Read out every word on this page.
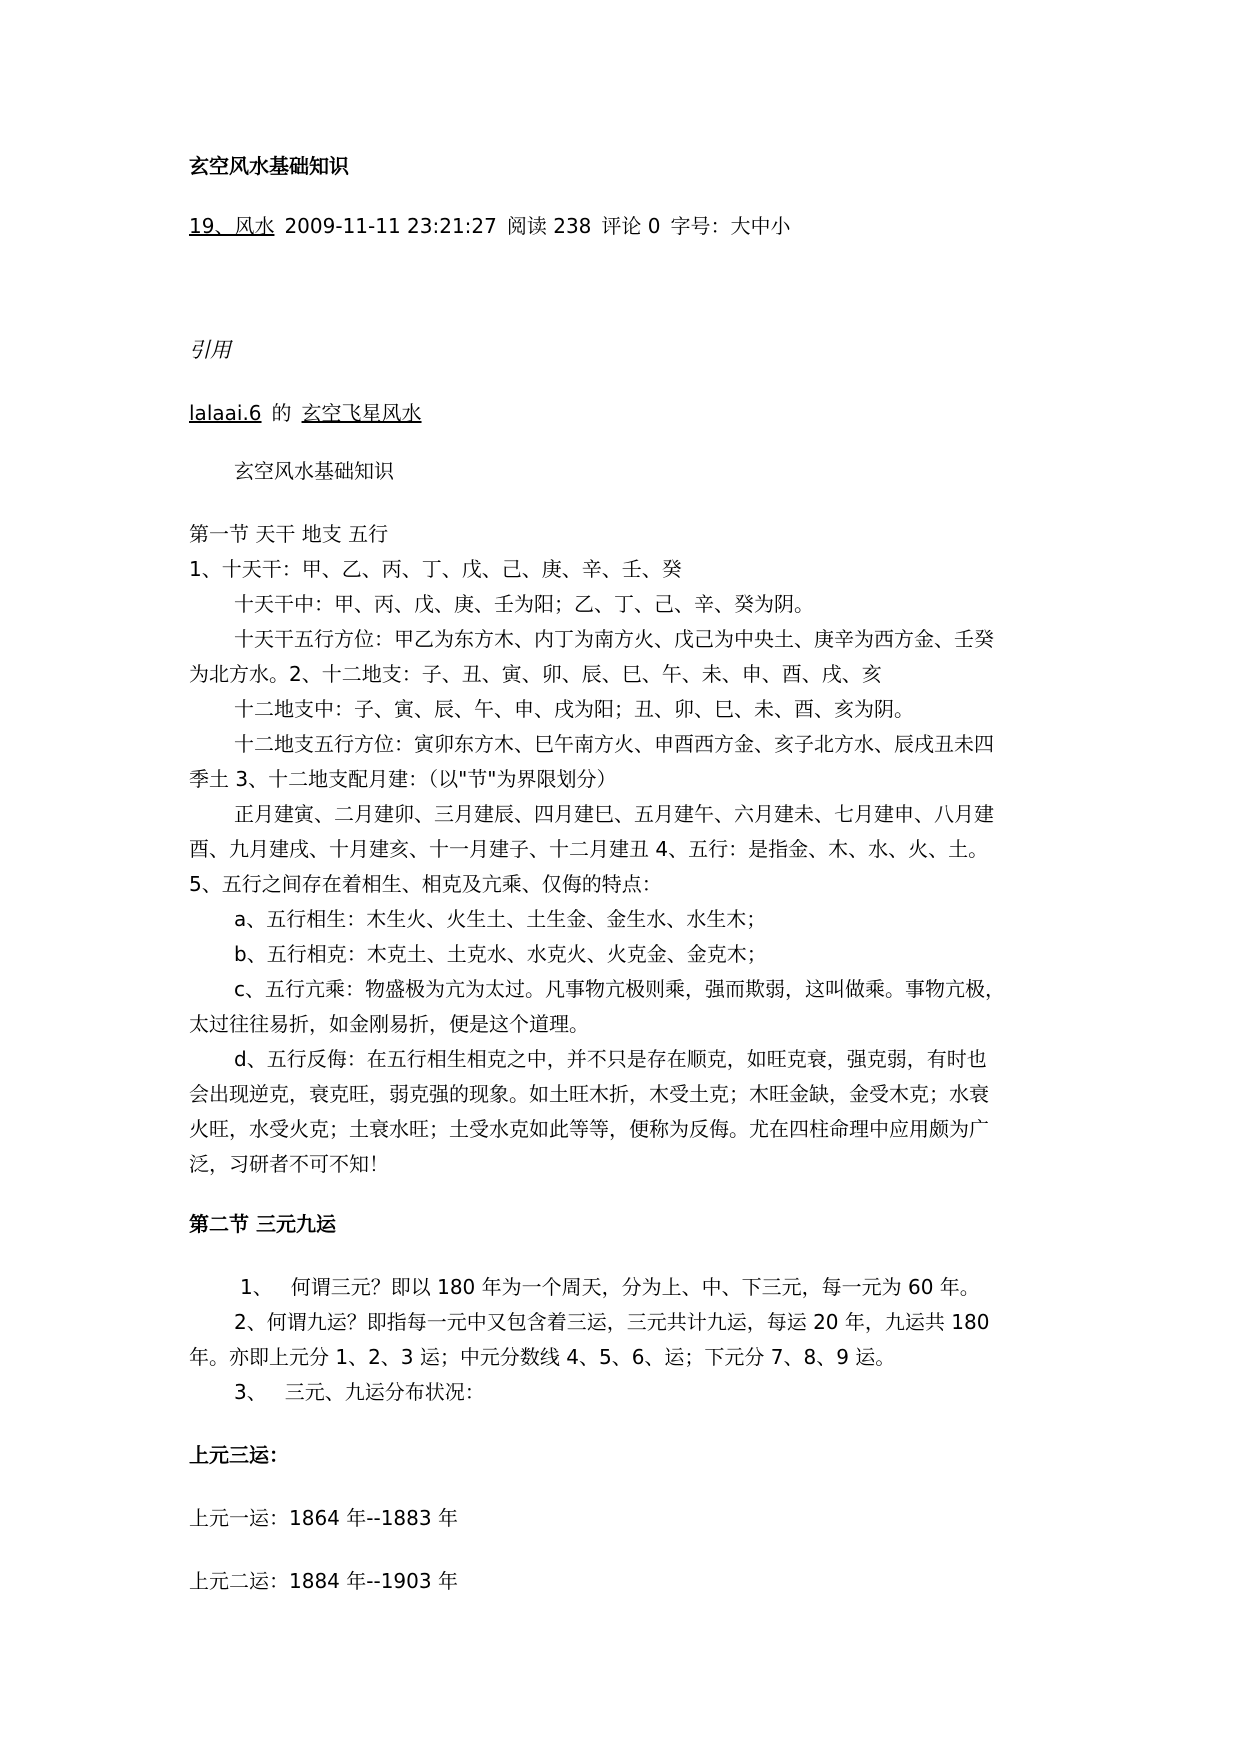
玄空风水基础知识
19、风水 2009-11-11 23:21:27 阅读 238 评论 0 字号：大中小
引用
lalaai.6 的 玄空飞星风水
玄空风水基础知识
第一节 天干 地支 五行
1、十天干：甲、乙、丙、丁、戊、己、庚、辛、壬、癸
十天干中：甲、丙、戊、庚、壬为阳；乙、丁、己、辛、癸为阴。
十天干五行方位：甲乙为东方木、内丁为南方火、戊己为中央土、庚辛为西方金、壬癸
为北方水。2、十二地支：子、丑、寅、卯、辰、巳、午、未、申、酉、戌、亥
十二地支中：子、寅、辰、午、申、戌为阳；丑、卯、巳、未、酉、亥为阴。
十二地支五行方位：寅卯东方木、巳午南方火、申酉西方金、亥子北方水、辰戌丑未四
季土 3、十二地支配月建：（以"节"为界限划分）
正月建寅、二月建卯、三月建辰、四月建巳、五月建午、六月建未、七月建申、八月建
酉、九月建戌、十月建亥、十一月建子、十二月建丑 4、五行：是指金、木、水、火、土。
5、五行之间存在着相生、相克及亢乘、仅侮的特点：
a、五行相生：木生火、火生土、土生金、金生水、水生木；
b、五行相克：木克土、土克水、水克火、火克金、金克木；
c、五行亢乘：物盛极为亢为太过。凡事物亢极则乘，强而欺弱，这叫做乘。事物亢极，
太过往往易折，如金刚易折，便是这个道理。
d、五行反侮：在五行相生相克之中，并不只是存在顺克，如旺克衰，强克弱，有时也
会出现逆克，衰克旺，弱克强的现象。如土旺木折，木受土克；木旺金缺，金受木克；水衰
火旺，水受火克；土衰水旺；土受水克如此等等，便称为反侮。尤在四柱命理中应用颇为广
泛，习研者不可不知！
第二节 三元九运
1、 何谓三元？即以 180 年为一个周天，分为上、中、下三元，每一元为 60 年。
2、何谓九运？即指每一元中又包含着三运，三元共计九运，每运 20 年，九运共 180
年。亦即上元分 1、2、3 运；中元分数线 4、5、6、运；下元分 7、8、9 运。
3、 三元、九运分布状况：
上元三运：
上元一运：1864 年--1883 年
上元二运：1884 年--1903 年
